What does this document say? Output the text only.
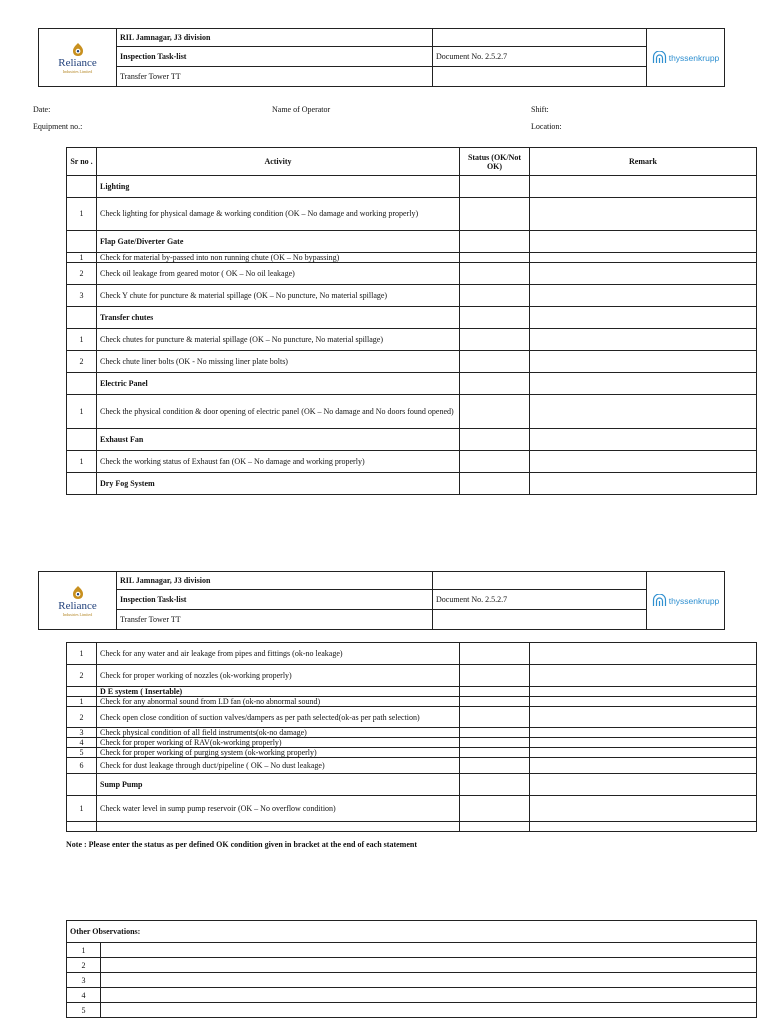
Reliance
Industries Limited	RIL Jamnagar, J3 division		thyssenkrupp

	Inspection Task-list	Document No. 2.5.2.7	
	Transfer Tower TT		
Date:	Name of Operator	Shift:
Equipment no.:	Location:
Sr no .	Activity	Status (OK/Not OK)	Remark
	Lighting		
1	Check lighting for physical damage & working condition (OK – No damage and working properly)		
	Flap Gate/Diverter Gate		
1	Check for material by-passed into non running chute (OK – No bypassing)		
2	Check oil leakage from geared motor ( OK – No oil leakage)		
3	Check Y chute for puncture & material spillage (OK – No puncture, No material spillage)		
	Transfer chutes		
1	Check chutes for puncture & material spillage (OK – No puncture, No material spillage)		
2	Check chute liner bolts (OK - No missing liner plate bolts)		
	Electric Panel		
1	Check the physical condition & door opening of electric panel (OK – No damage and No doors found opened)		
	Exhaust Fan		
1	Check the working status of Exhaust fan (OK – No damage and working properly)		
	Dry Fog System		
Reliance
Industries Limited	RIL Jamnagar, J3 division		thyssenkrupp

	Inspection Task-list	Document No. 2.5.2.7	
	Transfer Tower TT		
1	Check for any water and air leakage from pipes and fittings (ok-no leakage)		
2	Check for proper working of nozzles (ok-working properly)		
	D E system ( Insertable)		
1	Check for any abnormal sound from I.D fan (ok-no abnormal sound)		
2	Check open close condition of suction valves/dampers as per path selected(ok-as per path selection)		
3	Check physical condition of all field instruments(ok-no damage)		
4	Check for proper working of RAV(ok-working properly)		
5	Check for proper working of purging system (ok-working properly)		
6	Check for dust leakage through duct/pipeline ( OK – No dust leakage)		
	Sump Pump		
1	Check water level in sump pump reservoir (OK – No overflow condition)		

Note : Please enter the status as per defined OK condition given in bracket at the end of each statement
Other Observations:	
1	
2	
3	
4	
5	
